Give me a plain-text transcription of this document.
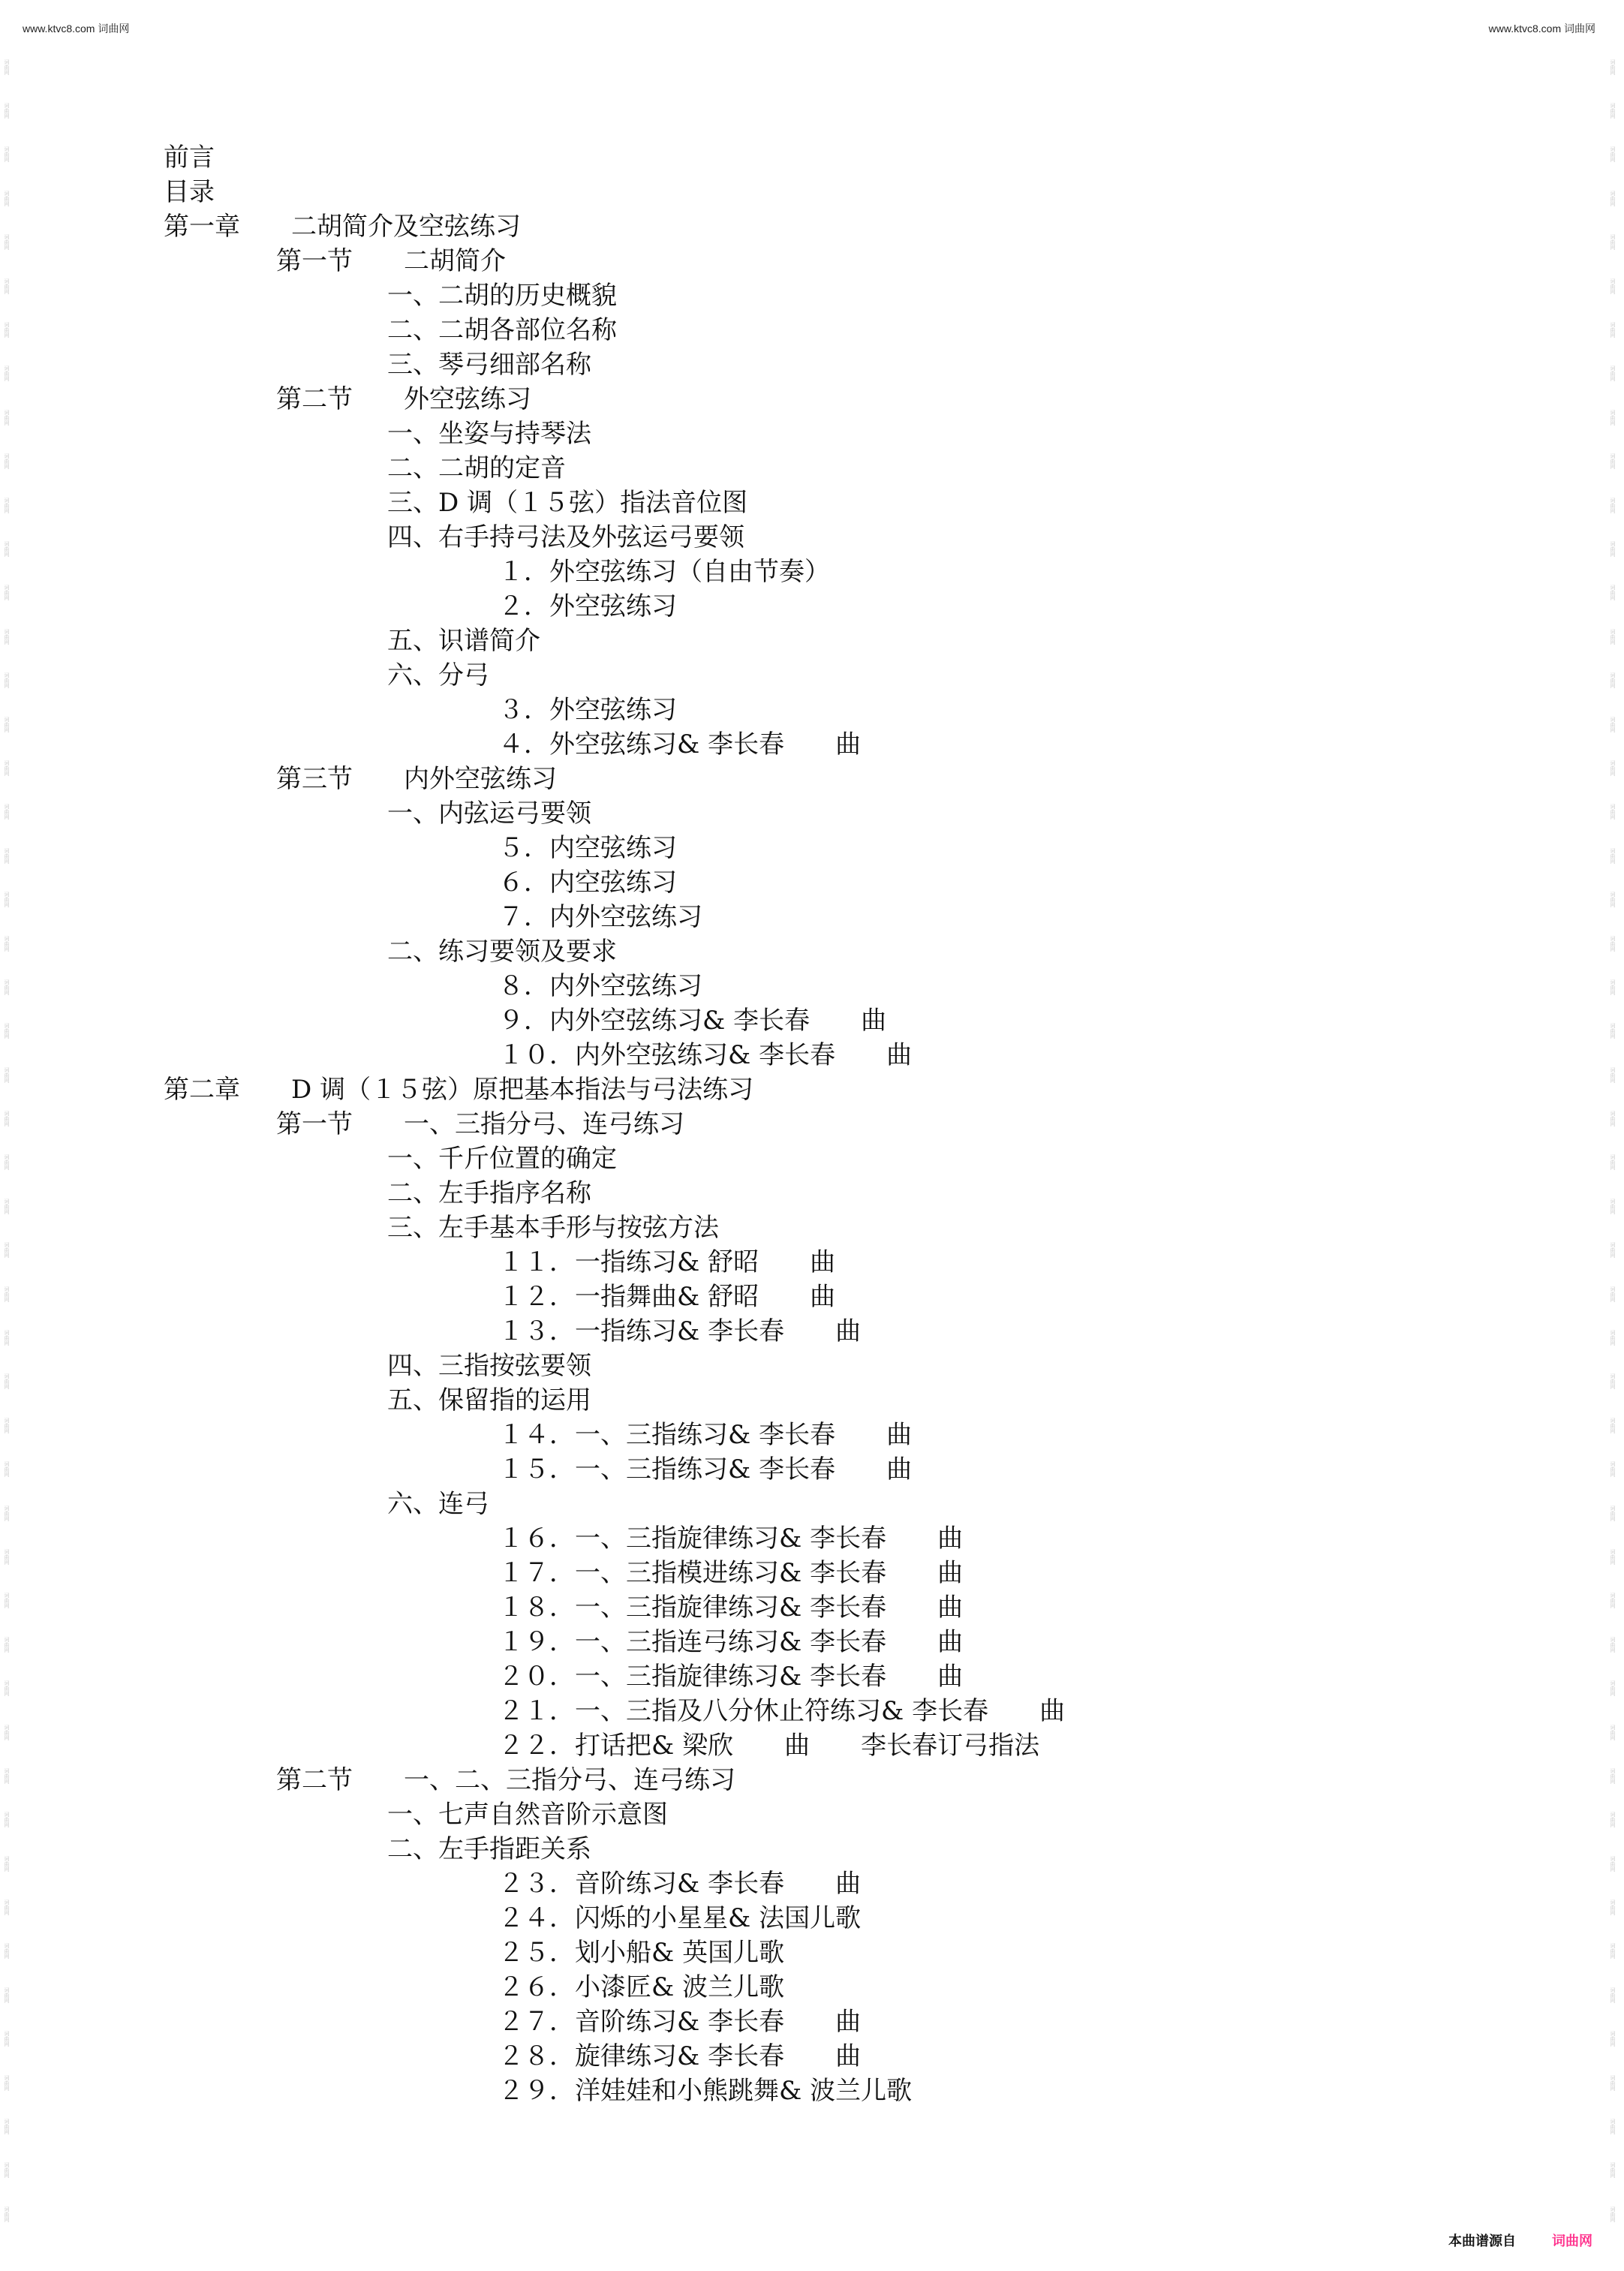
www.ktvc8.com 词曲网	www.ktvc8.com 词曲网
词曲网
词曲网
词曲网
词曲网
词曲网
词曲网
词曲网
词曲网
词曲网
词曲网
词曲网
词曲网
词曲网
词曲网
词曲网
词曲网
词曲网
词曲网
词曲网
词曲网
词曲网
词曲网
词曲网
词曲网
词曲网
词曲网
词曲网
词曲网
词曲网
词曲网
词曲网
词曲网
词曲网
词曲网
词曲网
词曲网
词曲网
词曲网
词曲网
词曲网
词曲网
词曲网
词曲网
词曲网
词曲网
词曲网
词曲网
词曲网
词曲网
词曲网
词曲网
词曲网
词曲网
词曲网
词曲网
词曲网
词曲网
词曲网
词曲网
词曲网
词曲网
词曲网
词曲网
词曲网
词曲网
词曲网
词曲网
词曲网
词曲网
词曲网
词曲网
词曲网
词曲网
词曲网
词曲网
词曲网
词曲网
词曲网
词曲网
词曲网
词曲网
词曲网
词曲网
词曲网
词曲网
词曲网
词曲网
词曲网
词曲网
词曲网
词曲网
词曲网
词曲网
词曲网
词曲网
词曲网
词曲网
词曲网
词曲网
词曲网
前言
目录
第一章　　二胡简介及空弦练习
第一节　　二胡简介
一、二胡的历史概貌
二、二胡各部位名称
三、琴弓细部名称
第二节　　外空弦练习
一、坐姿与持琴法
二、二胡的定音
三、D 调（１５弦）指法音位图
四、右手持弓法及外弦运弓要领
１．外空弦练习（自由节奏）
２．外空弦练习
五、识谱简介
六、分弓
３．外空弦练习
４．外空弦练习& 李长春　　曲
第三节　　内外空弦练习
一、内弦运弓要领
５．内空弦练习
６．内空弦练习
７．内外空弦练习
二、练习要领及要求
８．内外空弦练习
９．内外空弦练习& 李长春　　曲
１０．内外空弦练习& 李长春　　曲
第二章　　D 调（１５弦）原把基本指法与弓法练习
第一节　　一、三指分弓、连弓练习
一、千斤位置的确定
二、左手指序名称
三、左手基本手形与按弦方法
１１．一指练习& 舒昭　　曲
１２．一指舞曲& 舒昭　　曲
１３．一指练习& 李长春　　曲
四、三指按弦要领
五、保留指的运用
１４．一、三指练习& 李长春　　曲
１５．一、三指练习& 李长春　　曲
六、连弓
１６．一、三指旋律练习& 李长春　　曲
１７．一、三指模进练习& 李长春　　曲
１８．一、三指旋律练习& 李长春　　曲
１９．一、三指连弓练习& 李长春　　曲
２０．一、三指旋律练习& 李长春　　曲
２１．一、三指及八分休止符练习& 李长春　　曲
２２．打话把& 梁欣　　曲　　李长春订弓指法
第二节　　一、二、三指分弓、连弓练习
一、七声自然音阶示意图
二、左手指距关系
２３．音阶练习& 李长春　　曲
２４．闪烁的小星星& 法国儿歌
２５．划小船& 英国儿歌
２６．小漆匠& 波兰儿歌
２７．音阶练习& 李长春　　曲
２８．旋律练习& 李长春　　曲
２９．洋娃娃和小熊跳舞& 波兰儿歌
本曲谱源自	词曲网
